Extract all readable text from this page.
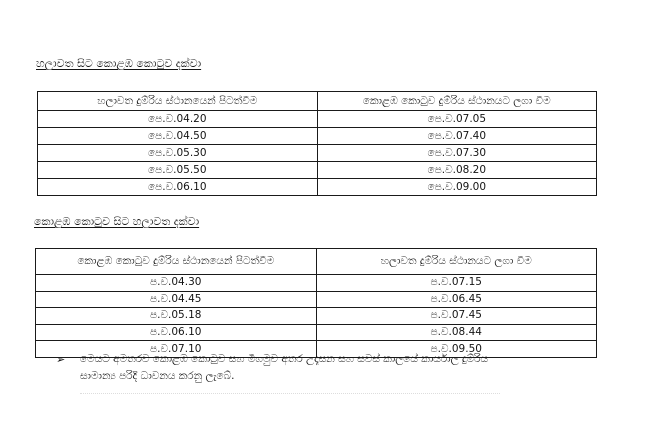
හලාවත සිට කොළඹ කොටුව දක්වා
හලාවත දුම්රිය ස්ථානයෙන් පිටත්වීම	කොළඹ කොටුව දුම්රිය ස්ථානයට ලගා වීම
පෙ.ව.04.20	පෙ.ව.07.05
පෙ.ව.04.50	පෙ.ව.07.40
පෙ.ව.05.30	පෙ.ව.07.30
පෙ.ව.05.50	පෙ.ව.08.20
පෙ.ව.06.10	පෙ.ව.09.00
කොළඹ කොටුව සිට හලාවත දක්වා
කොළඹ කොටුව දුම්රිය ස්ථානයෙන් පිටත්වීම	හලාවත දුම්රිය ස්ථානයට ලගා වීම
ප.ව.04.30	ප.ව.07.15
ප.ව.04.45	ප.ව.06.45
ප.ව.05.18	ප.ව.07.45
ප.ව.06.10	ප.ව.08.44
ප.ව.07.10	ප.ව.09.50
➢ මෙයට අමතරව කොළඹ කොටුව සහ මීගමුව අතර උදෑසන සහ සවස් කාලයේ කාර්යාල දුම්රිය
සාමාන්‍ය පරිදි ධාවනය කරනු ලැබේ.
